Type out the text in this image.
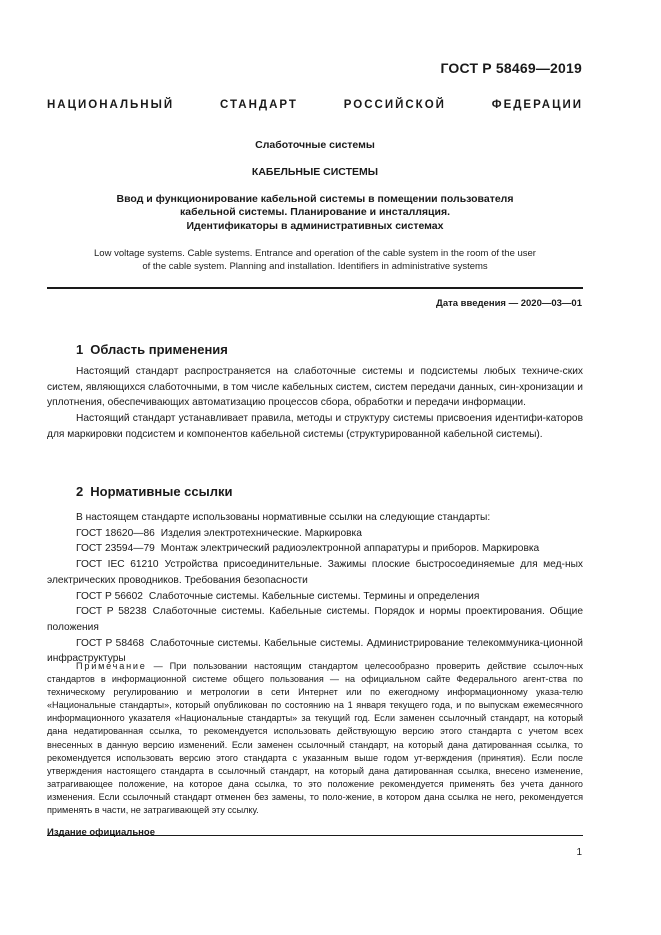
ГОСТ Р 58469—2019
НАЦИОНАЛЬНЫЙ СТАНДАРТ РОССИЙСКОЙ ФЕДЕРАЦИИ
Слаботочные системы
КАБЕЛЬНЫЕ СИСТЕМЫ
Ввод и функционирование кабельной системы в помещении пользователя
кабельной системы. Планирование и инсталляция.
Идентификаторы в административных системах
Low voltage systems. Cable systems. Entrance and operation of the cable system in the room of the user
of the cable system. Planning and installation. Identifiers in administrative systems
Дата введения — 2020—03—01
1 Область применения

Настоящий стандарт распространяется на слаботочные системы и подсистемы любых техниче-ских систем, являющихся слаботочными, в том числе кабельных систем, систем передачи данных, син-хронизации и уплотнения, обеспечивающих автоматизацию процессов сбора, обработки и передачи информации.

Настоящий стандарт устанавливает правила, методы и структуру системы присвоения идентифи-каторов для маркировки подсистем и компонентов кабельной системы (структурированной кабельной системы).

2 Нормативные ссылки

В настоящем стандарте использованы нормативные ссылки на следующие стандарты:

ГОСТ 18620—86 Изделия электротехнические. Маркировка

ГОСТ 23594—79 Монтаж электрический радиоэлектронной аппаратуры и приборов. Маркировка

ГОСТ IEC 61210 Устройства присоединительные. Зажимы плоские быстросоединяемые для мед-ных электрических проводников. Требования безопасности

ГОСТ Р 56602 Слаботочные системы. Кабельные системы. Термины и определения

ГОСТ Р 58238 Слаботочные системы. Кабельные системы. Порядок и нормы проектирования. Общие положения

ГОСТ Р 58468 Слаботочные системы. Кабельные системы. Администрирование телекоммуника-ционной инфраструктуры

Примечание — При пользовании настоящим стандартом целесообразно проверить действие ссылоч-ных стандартов в информационной системе общего пользования — на официальном сайте Федерального агент-ства по техническому регулированию и метрологии в сети Интернет или по ежегодному информационному указа-телю «Национальные стандарты», который опубликован по состоянию на 1 января текущего года, и по выпускам ежемесячного информационного указателя «Национальные стандарты» за текущий год. Если заменен ссылочный стандарт, на который дана недатированная ссылка, то рекомендуется использовать действующую версию этого стандарта с учетом всех внесенных в данную версию изменений. Если заменен ссылочный стандарт, на который дана датированная ссылка, то рекомендуется использовать версию этого стандарта с указанным выше годом ут-верждения (принятия). Если после утверждения настоящего стандарта в ссылочный стандарт, на который дана датированная ссылка, внесено изменение, затрагивающее положение, на которое дана ссылка, то это положение рекомендуется применять без учета данного изменения. Если ссылочный стандарт отменен без замены, то поло-жение, в котором дана ссылка не него, рекомендуется применять в части, не затрагивающей эту ссылку.

Издание официальное
1
